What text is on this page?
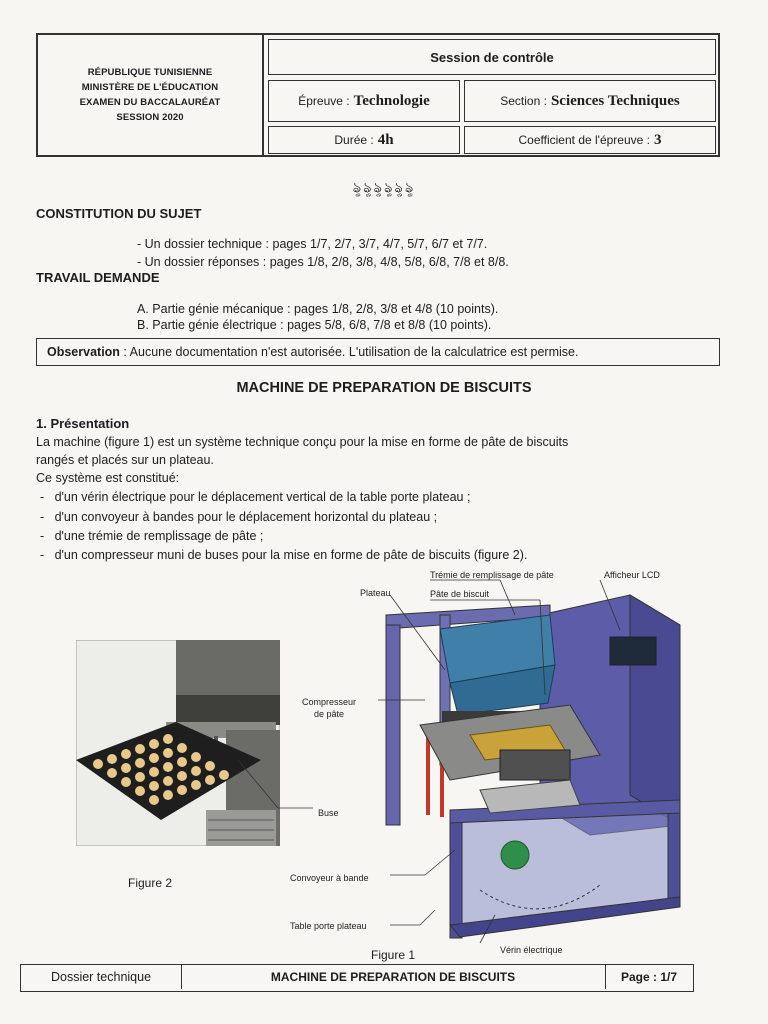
RÉPUBLIQUE TUNISIENNE
MINISTÈRE DE L'ÉDUCATION
EXAMEN DU BACCALAURÉAT
SESSION 2020
Session de contrôle
Épreuve : Technologie	Section : Sciences Techniques
Durée : 4h	Coefficient de l'épreuve : 3
ৡৡৡৡৡৡ
CONSTITUTION DU SUJET
- Un dossier technique : pages 1/7, 2/7, 3/7, 4/7, 5/7, 6/7 et 7/7.
- Un dossier réponses : pages 1/8, 2/8, 3/8, 4/8, 5/8, 6/8, 7/8 et 8/8.
TRAVAIL DEMANDE
A. Partie génie mécanique : pages 1/8, 2/8, 3/8 et 4/8 (10 points).
B. Partie génie électrique : pages 5/8, 6/8, 7/8 et 8/8 (10 points).
Observation : Aucune documentation n'est autorisée. L'utilisation de la calculatrice est permise.
MACHINE DE PREPARATION DE BISCUITS
1. Présentation
La machine (figure 1) est un système technique conçu pour la mise en forme de pâte de biscuits
rangés et placés sur un plateau.
Ce système est constitué:
-   d'un vérin électrique pour le déplacement vertical de la table porte plateau ;
-   d'un convoyeur à bandes pour le déplacement horizontal du plateau ;
-   d'une trémie de remplissage de pâte ;
-   d'un compresseur muni de buses pour la mise en forme de pâte de biscuits (figure 2).
Figure 2
Trémie de remplissage de pâte	Afficheur LCD
Plateau	Pâte de biscuit
Compresseur
de pâte
Buse
Convoyeur à bande
Table porte plateau
Vérin électrique
Figure 1
Dossier technique	MACHINE DE PREPARATION DE BISCUITS	Page : 1/7
